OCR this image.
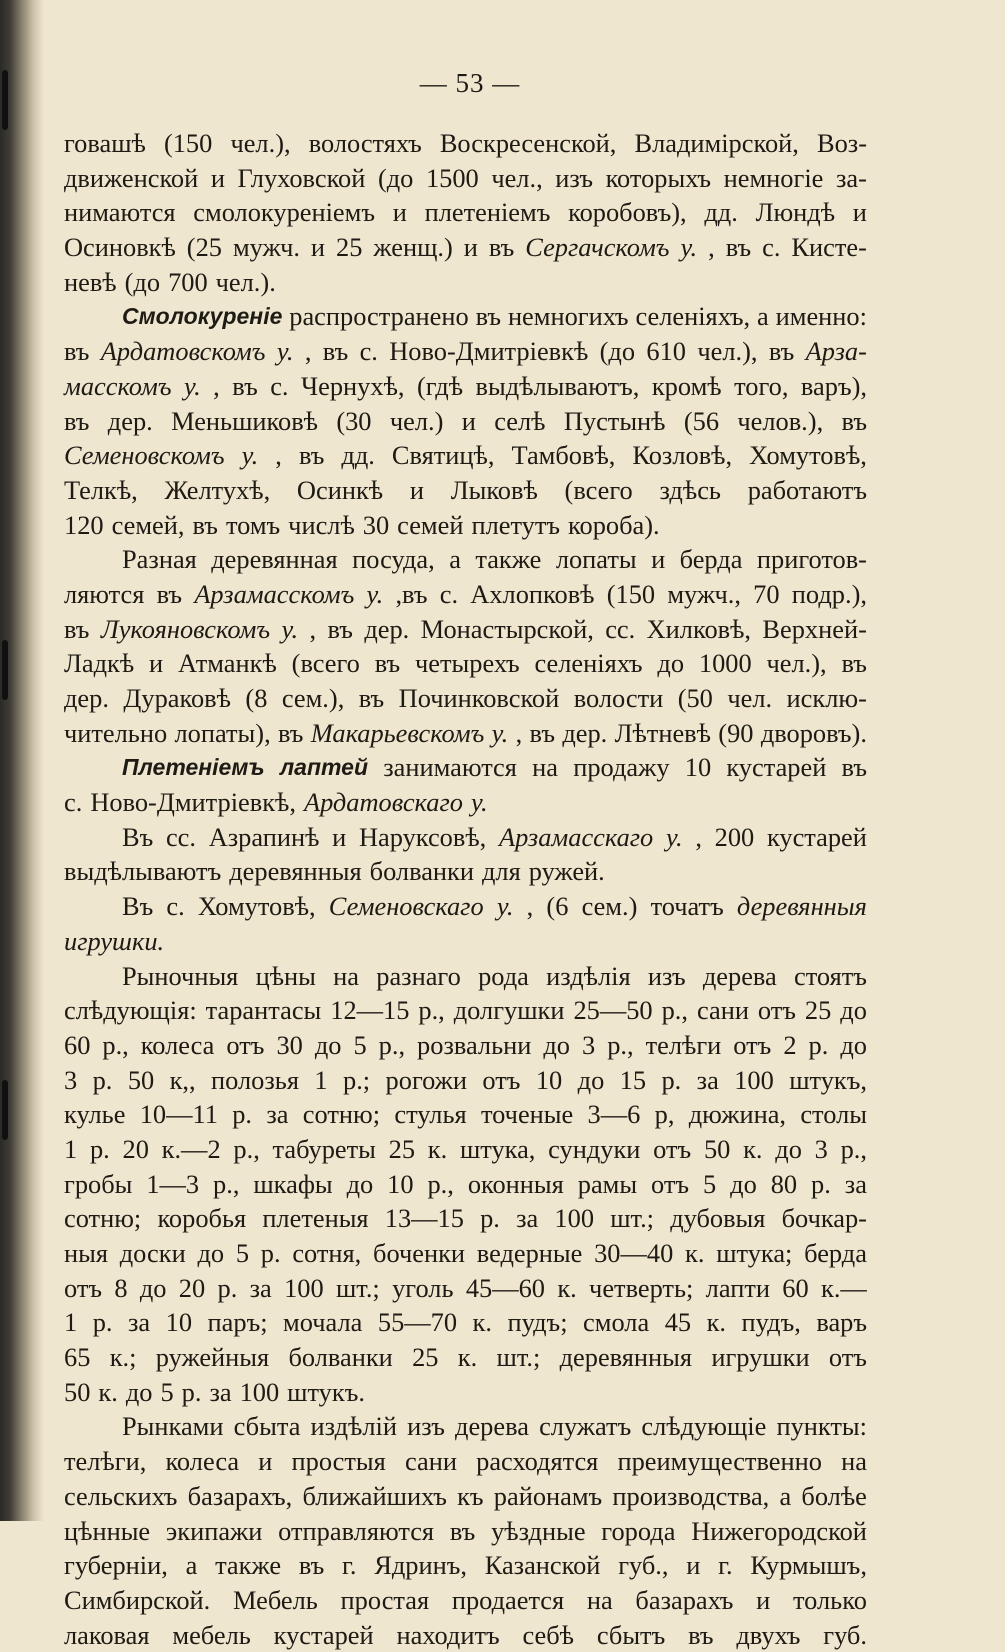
— 53 —
говашѣ (150 чел.), волостяхъ Воскресенской, Владимірской, Воз-
движенской и Глуховской (до 1500 чел., изъ которыхъ немногіе за-
нимаются смолокуреніемъ и плетеніемъ коробовъ), дд. Люндѣ и
Осиновкѣ (25 мужч. и 25 женщ.) и въ Сергачскомъ у. , въ с. Кисте-
невѣ (до 700 чел.).
Смолокуреніе распространено въ немногихъ селеніяхъ, а именно:
въ Ардатовскомъ у. , въ с. Ново-Дмитріевкѣ (до 610 чел.), въ Арза-
масскомъ у. , въ с. Чернухѣ, (гдѣ выдѣлываютъ, кромѣ того, варъ),
въ дер. Меньшиковѣ (30 чел.) и селѣ Пустынѣ (56 челов.), въ
Семеновскомъ у. , въ дд. Святицѣ, Тамбовѣ, Козловѣ, Хомутовѣ,
Телкѣ, Желтухѣ, Осинкѣ и Лыковѣ (всего здѣсь работаютъ
120 семей, въ томъ числѣ 30 семей плетутъ короба).
Разная деревянная посуда, а также лопаты и берда приготов-
ляются въ Арзамасскомъ у. ,въ с. Ахлопковѣ (150 мужч., 70 подр.),
въ Лукояновскомъ у. , въ дер. Монастырской, сс. Хилковѣ, Верхней-
Ладкѣ и Атманкѣ (всего въ четырехъ селеніяхъ до 1000 чел.), въ
дер. Дураковѣ (8 сем.), въ Починковской волости (50 чел. исклю-
чительно лопаты), въ Макарьевскомъ у. , въ дер. Лѣтневѣ (90 дворовъ).
Плетеніемъ лаптей занимаются на продажу 10 кустарей въ
с. Ново-Дмитріевкѣ, Ардатовскаго у.
Въ сс. Азрапинѣ и Наруксовѣ, Арзамасскаго у. , 200 кустарей
выдѣлываютъ деревянныя болванки для ружей.
Въ с. Хомутовѣ, Семеновскаго у. , (6 сем.) точатъ деревянныя
игрушки.
Рыночныя цѣны на разнаго рода издѣлія изъ дерева стоятъ
слѣдующія: тарантасы 12—15 р., долгушки 25—50 р., сани отъ 25 до
60 р., колеса отъ 30 до 5 р., розвальни до 3 р., телѣги отъ 2 р. до
3 р. 50 к,, полозья 1 р.; рогожи отъ 10 до 15 р. за 100 штукъ,
кулье 10—11 р. за сотню; стулья точеные 3—6 р, дюжина, столы
1 р. 20 к.—2 р., табуреты 25 к. штука, сундуки отъ 50 к. до 3 р.,
гробы 1—3 р., шкафы до 10 р., оконныя рамы отъ 5 до 80 р. за
сотню; коробья плетеныя 13—15 р. за 100 шт.; дубовыя бочкар-
ныя доски до 5 р. сотня, боченки ведерные 30—40 к. штука; берда
отъ 8 до 20 р. за 100 шт.; уголь 45—60 к. четверть; лапти 60 к.—
1 р. за 10 паръ; мочала 55—70 к. пудъ; смола 45 к. пудъ, варъ
65 к.; ружейныя болванки 25 к. шт.; деревянныя игрушки отъ
50 к. до 5 р. за 100 штукъ.
Рынками сбыта издѣлій изъ дерева служатъ слѣдующіе пункты:
телѣги, колеса и простыя сани расходятся преимущественно на
сельскихъ базарахъ, ближайшихъ къ районамъ производства, а болѣе
цѣнные экипажи отправляются въ уѣздные города Нижегородской
губерніи, а также въ г. Ядринъ, Казанской губ., и г. Курмышъ,
Симбирской. Мебель простая продается на базарахъ и только
лаковая мебель кустарей находитъ себѣ сбытъ въ двухъ губ.
